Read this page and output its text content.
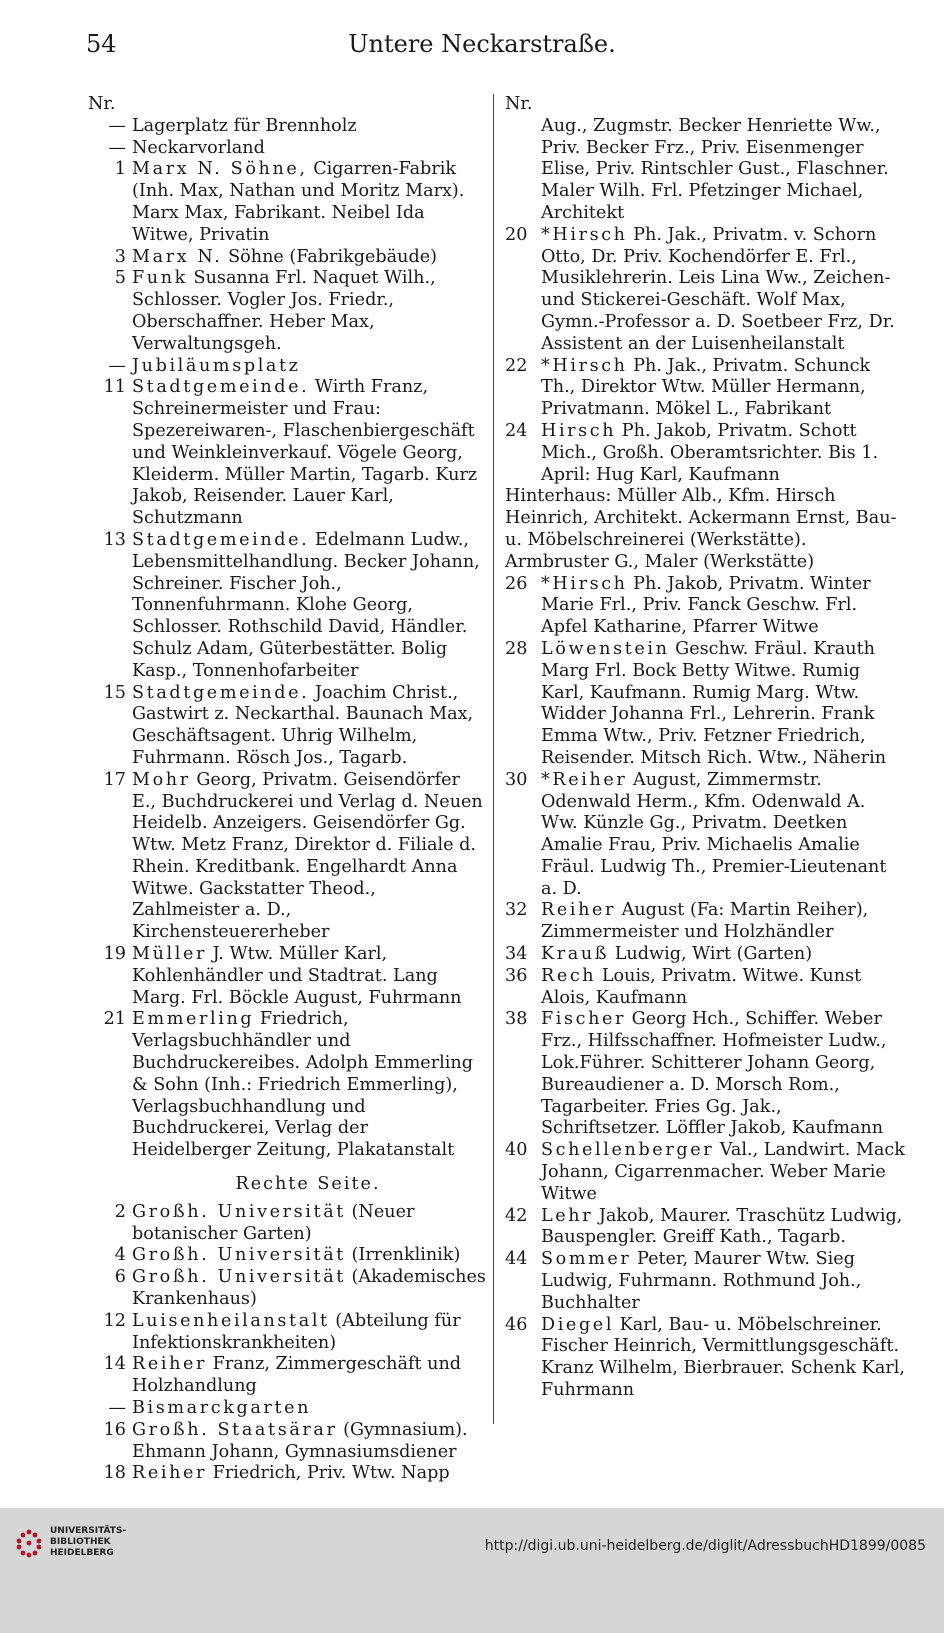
54	Untere Neckarstraße.
Nr.
— Lagerplatz für Brennholz
— Neckarvorland
1 Marx N. Söhne, Cigarren-Fabrik (Inh. Max, Nathan und Moritz Marx). Marx Max, Fabrikant. Neibel Ida Witwe, Privatin
3 Marx N. Söhne (Fabrikgebäude)
5 Funk Susanna Frl. Naquet Wilh., Schlosser. Vogler Jos. Friedr., Oberschaffner. Heber Max, Verwaltungsgeh.
— Jubiläumsplatz
11 Stadtgemeinde. Wirth Franz, Schreinermeister und Frau: Spezereiwaren-, Flaschenbiergeschäft und Weinkleinverkauf. Vögele Georg, Kleiderm. Müller Martin, Tagarb. Kurz Jakob, Reisender. Lauer Karl, Schutzmann
13 Stadtgemeinde. Edelmann Ludw., Lebensmittelhandlung. Becker Johann, Schreiner. Fischer Joh., Tonnenfuhrmann. Klohe Georg, Schlosser. Rothschild David, Händler. Schulz Adam, Güterbestätter. Bolig Kasp., Tonnenhofarbeiter
15 Stadtgemeinde. Joachim Christ., Gastwirt z. Neckarthal. Baunach Max, Geschäftsagent. Uhrig Wilhelm, Fuhrmann. Rösch Jos., Tagarb.
17 Mohr Georg, Privatm. Geisendörfer E., Buchdruckerei und Verlag d. Neuen Heidelb. Anzeigers. Geisendörfer Gg. Wtw. Metz Franz, Direktor d. Filiale d. Rhein. Kreditbank. Engelhardt Anna Witwe. Gackstatter Theod., Zahlmeister a. D., Kirchensteuererheber
19 Müller J. Wtw. Müller Karl, Kohlenhändler und Stadtrat. Lang Marg. Frl. Böckle August, Fuhrmann
21 Emmerling Friedrich, Verlagsbuchhändler und Buchdruckereibes. Adolph Emmerling & Sohn (Inh.: Friedrich Emmerling), Verlagsbuchhandlung und Buchdruckerei, Verlag der Heidelberger Zeitung, Plakatanstalt
Rechte Seite.
2 Großh. Universität (Neuer botanischer Garten)
4 Großh. Universität (Irrenklinik)
6 Großh. Universität (Akademisches Krankenhaus)
12 Luisenheilanstalt (Abteilung für Infektionskrankheiten)
14 Reiher Franz, Zimmergeschäft und Holzhandlung
— Bismarckgarten
16 Großh. Staatsärar (Gymnasium). Ehmann Johann, Gymnasiumsdiener
18 Reiher Friedrich, Priv. Wtw. Napp
Nr.
Aug., Zugmstr. Becker Henriette Ww., Priv. Becker Frz., Priv. Eisenmenger Elise, Priv. Rintschler Gust., Flaschner. Maler Wilh. Frl. Pfetzinger Michael, Architekt
20 *Hirsch Ph. Jak., Privatm. v. Schorn Otto, Dr. Priv. Kochendörfer E. Frl., Musiklehrerin. Leis Lina Ww., Zeichen- und Stickerei-Geschäft. Wolf Max, Gymn.-Professor a. D. Soetbeer Frz, Dr. Assistent an der Luisenheilanstalt
22 *Hirsch Ph. Jak., Privatm. Schunck Th., Direktor Wtw. Müller Hermann, Privatmann. Mökel L., Fabrikant
24 Hirsch Ph. Jakob, Privatm. Schott Mich., Großh. Oberamtsrichter. Bis 1. April: Hug Karl, Kaufmann
Hinterhaus: Müller Alb., Kfm. Hirsch Heinrich, Architekt. Ackermann Ernst, Bau- u. Möbelschreinerei (Werkstätte). Armbruster G., Maler (Werkstätte)
26 *Hirsch Ph. Jakob, Privatm. Winter Marie Frl., Priv. Fanck Geschw. Frl. Apfel Katharine, Pfarrer Witwe
28 Löwenstein Geschw. Fräul. Krauth Marg Frl. Bock Betty Witwe. Rumig Karl, Kaufmann. Rumig Marg. Wtw. Widder Johanna Frl., Lehrerin. Frank Emma Wtw., Priv. Fetzner Friedrich, Reisender. Mitsch Rich. Wtw., Näherin
30 *Reiher August, Zimmermstr. Odenwald Herm., Kfm. Odenwald A. Ww. Künzle Gg., Privatm. Deetken Amalie Frau, Priv. Michaelis Amalie Fräul. Ludwig Th., Premier-Lieutenant a. D.
32 Reiher August (Fa: Martin Reiher), Zimmermeister und Holzhändler
34 Krauß Ludwig, Wirt (Garten)
36 Rech Louis, Privatm. Witwe. Kunst Alois, Kaufmann
38 Fischer Georg Hch., Schiffer. Weber Frz., Hilfsschaffner. Hofmeister Ludw., Lok.Führer. Schitterer Johann Georg, Bureaudiener a. D. Morsch Rom., Tagarbeiter. Fries Gg. Jak., Schriftsetzer. Löffler Jakob, Kaufmann
40 Schellenberger Val., Landwirt. Mack Johann, Cigarrenmacher. Weber Marie Witwe
42 Lehr Jakob, Maurer. Traschütz Ludwig, Bauspengler. Greiff Kath., Tagarb.
44 Sommer Peter, Maurer Wtw. Sieg Ludwig, Fuhrmann. Rothmund Joh., Buchhalter
46 Diegel Karl, Bau- u. Möbelschreiner. Fischer Heinrich, Vermittlungsgeschäft. Kranz Wilhelm, Bierbrauer. Schenk Karl, Fuhrmann
UNIVERSITÄTS-
BIBLIOTHEK
HEIDELBERG	http://digi.ub.uni-heidelberg.de/diglit/AdressbuchHD1899/0085
